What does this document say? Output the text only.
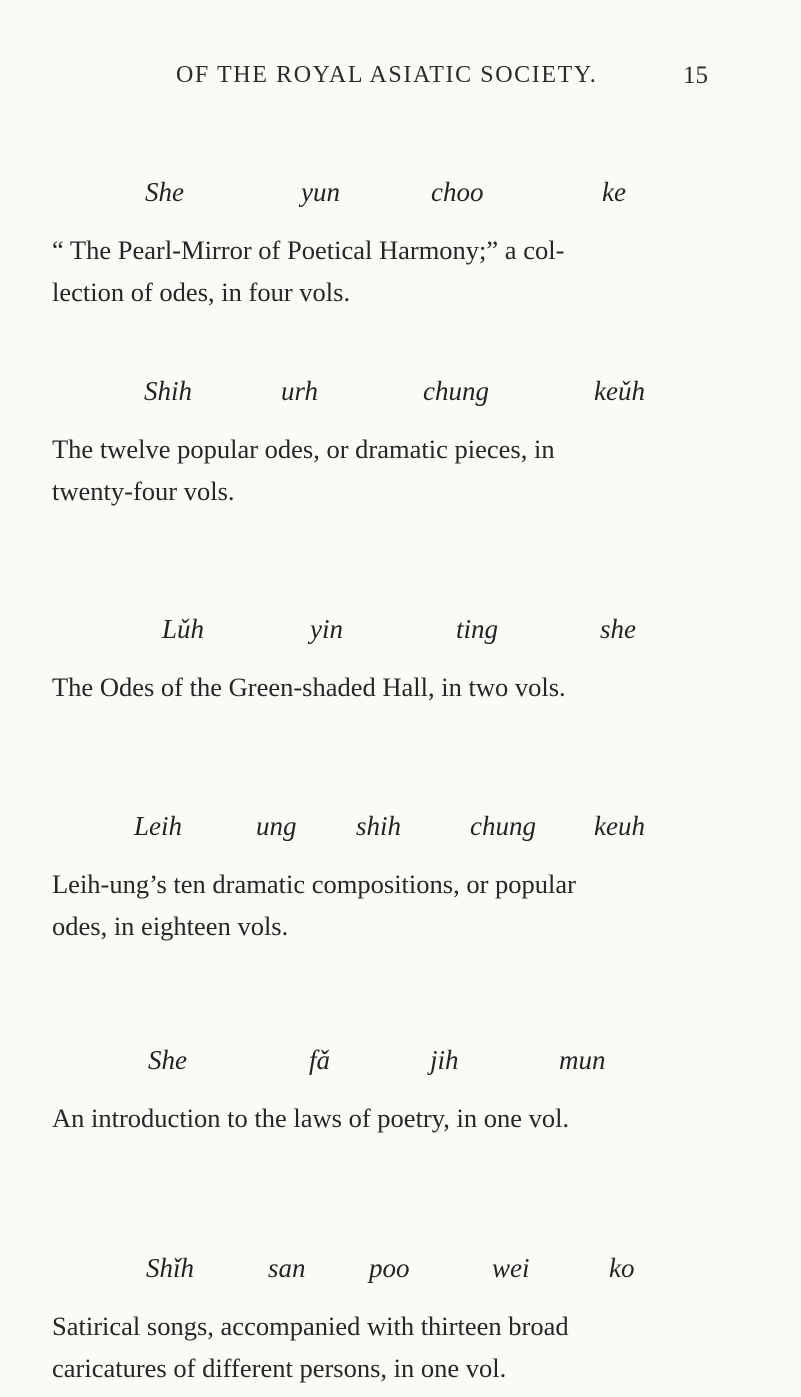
OF THE ROYAL ASIATIC SOCIETY.	15
She	yun	choo	ke

“ The Pearl-Mirror of Poetical Harmony;” a col-
lection of odes, in four vols.

Shih	urh	chung	keǔh

The twelve popular odes, or dramatic pieces, in
twenty-four vols.

Lǔh	yin	ting	she

The Odes of the Green-shaded Hall, in two vols.

Leih	ung shih	chung keuh

Leih-ung’s ten dramatic compositions, or popular
odes, in eighteen vols.

She	fǎ	jih	mun

An introduction to the laws of poetry, in one vol.

Shǐh	san poo	wei	ko

Satirical songs, accompanied with thirteen broad
caricatures of different persons, in one vol.
